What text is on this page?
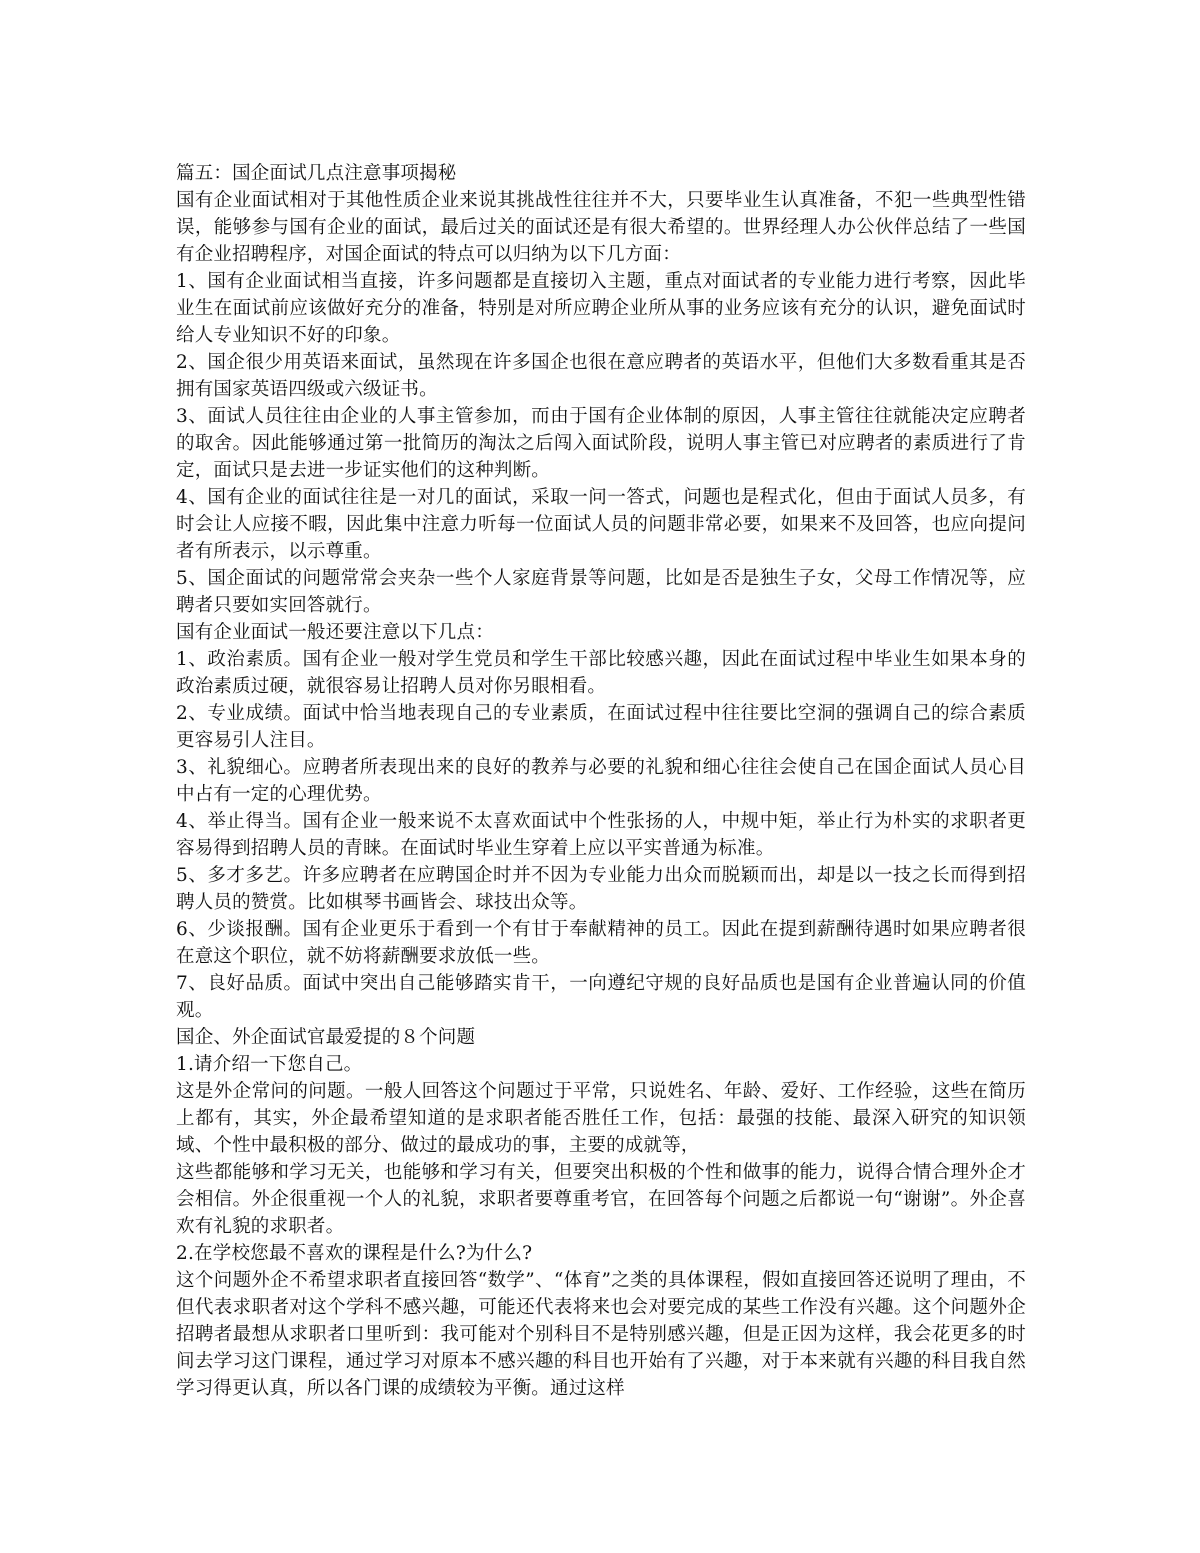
篇五：国企面试几点注意事项揭秘

国有企业面试相对于其他性质企业来说其挑战性往往并不大，只要毕业生认真准备，不犯一些典型性错误，能够参与国有企业的面试，最后过关的面试还是有很大希望的。世界经理人办公伙伴总结了一些国有企业招聘程序，对国企面试的特点可以归纳为以下几方面：

1、国有企业面试相当直接，许多问题都是直接切入主题，重点对面试者的专业能力进行考察，因此毕业生在面试前应该做好充分的准备，特别是对所应聘企业所从事的业务应该有充分的认识，避免面试时给人专业知识不好的印象。

2、国企很少用英语来面试，虽然现在许多国企也很在意应聘者的英语水平，但他们大多数看重其是否拥有国家英语四级或六级证书。

3、面试人员往往由企业的人事主管参加，而由于国有企业体制的原因，人事主管往往就能决定应聘者的取舍。因此能够通过第一批简历的淘汰之后闯入面试阶段，说明人事主管已对应聘者的素质进行了肯定，面试只是去进一步证实他们的这种判断。

4、国有企业的面试往往是一对几的面试，采取一问一答式，问题也是程式化，但由于面试人员多，有时会让人应接不暇，因此集中注意力听每一位面试人员的问题非常必要，如果来不及回答，也应向提问者有所表示，以示尊重。

5、国企面试的问题常常会夹杂一些个人家庭背景等问题，比如是否是独生子女，父母工作情况等，应聘者只要如实回答就行。

国有企业面试一般还要注意以下几点：

1、政治素质。国有企业一般对学生党员和学生干部比较感兴趣，因此在面试过程中毕业生如果本身的政治素质过硬，就很容易让招聘人员对你另眼相看。

2、专业成绩。面试中恰当地表现自己的专业素质，在面试过程中往往要比空洞的强调自己的综合素质更容易引人注目。

3、礼貌细心。应聘者所表现出来的良好的教养与必要的礼貌和细心往往会使自己在国企面试人员心目中占有一定的心理优势。

4、举止得当。国有企业一般来说不太喜欢面试中个性张扬的人，中规中矩，举止行为朴实的求职者更容易得到招聘人员的青睐。在面试时毕业生穿着上应以平实普通为标准。

5、多才多艺。许多应聘者在应聘国企时并不因为专业能力出众而脱颖而出，却是以一技之长而得到招聘人员的赞赏。比如棋琴书画皆会、球技出众等。

6、少谈报酬。国有企业更乐于看到一个有甘于奉献精神的员工。因此在提到薪酬待遇时如果应聘者很在意这个职位，就不妨将薪酬要求放低一些。

7、良好品质。面试中突出自己能够踏实肯干，一向遵纪守规的良好品质也是国有企业普遍认同的价值观。

国企、外企面试官最爱提的８个问题

1.请介绍一下您自己。

这是外企常问的问题。一般人回答这个问题过于平常，只说姓名、年龄、爱好、工作经验，这些在简历上都有，其实，外企最希望知道的是求职者能否胜任工作，包括：最强的技能、最深入研究的知识领域、个性中最积极的部分、做过的最成功的事，主要的成就等，

这些都能够和学习无关，也能够和学习有关，但要突出积极的个性和做事的能力，说得合情合理外企才会相信。外企很重视一个人的礼貌，求职者要尊重考官，在回答每个问题之后都说一句“谢谢”。外企喜欢有礼貌的求职者。

2.在学校您最不喜欢的课程是什么?为什么?

这个问题外企不希望求职者直接回答“数学”、“体育”之类的具体课程，假如直接回答还说明了理由，不但代表求职者对这个学科不感兴趣，可能还代表将来也会对要完成的某些工作没有兴趣。这个问题外企招聘者最想从求职者口里听到：我可能对个别科目不是特别感兴趣，但是正因为这样，我会花更多的时间去学习这门课程，通过学习对原本不感兴趣的科目也开始有了兴趣，对于本来就有兴趣的科目我自然学习得更认真，所以各门课的成绩较为平衡。通过这样
